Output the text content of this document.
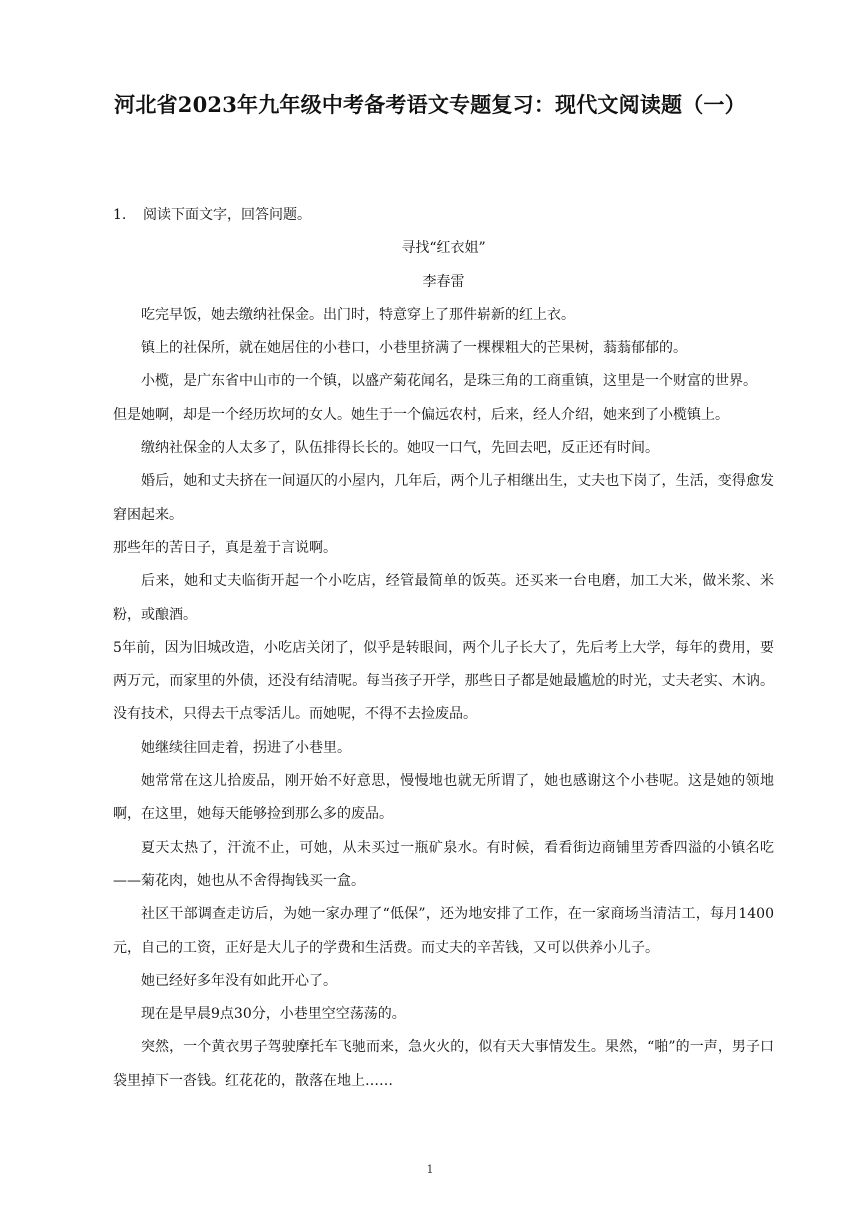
河北省2023年九年级中考备考语文专题复习：现代文阅读题（一）
1.	阅读下面文字，回答问题。
寻找“红衣姐”
李春雷

吃完早饭，她去缴纳社保金。出门时，特意穿上了那件崭新的红上衣。

镇上的社保所，就在她居住的小巷口，小巷里挤满了一棵棵粗大的芒果树，蓊蓊郁郁的。

小榄，是广东省中山市的一个镇，以盛产菊花闻名，是珠三角的工商重镇，这里是一个财富的世界。

但是她啊，却是一个经历坎坷的女人。她生于一个偏远农村，后来，经人介绍，她来到了小榄镇上。

缴纳社保金的人太多了，队伍排得长长的。她叹一口气，先回去吧，反正还有时间。

婚后，她和丈夫挤在一间逼仄的小屋内，几年后，两个儿子相继出生，丈夫也下岗了，生活，变得愈发窘困起来。

那些年的苦日子，真是羞于言说啊。

后来，她和丈夫临街开起一个小吃店，经管最简单的饭英。还买来一台电磨，加工大米，做米浆、米粉，或酿酒。

5年前，因为旧城改造，小吃店关闭了，似乎是转眼间，两个儿子长大了，先后考上大学，每年的费用，要两万元，而家里的外债，还没有结清呢。每当孩子开学，那些日子都是她最尴尬的时光，丈夫老实、木讷。没有技术，只得去干点零活儿。而她呢，不得不去捡废品。

她继续往回走着，拐进了小巷里。

她常常在这儿拾废品，刚开始不好意思，慢慢地也就无所谓了，她也感谢这个小巷呢。这是她的领地啊，在这里，她每天能够捡到那么多的废品。

夏天太热了，汗流不止，可她，从未买过一瓶矿泉水。有时候，看看街边商铺里芳香四溢的小镇名吃——菊花肉，她也从不舍得掏钱买一盒。

社区干部调查走访后，为她一家办理了“低保”，还为地安排了工作，在一家商场当清洁工，每月1400元，自己的工资，正好是大儿子的学费和生活费。而丈夫的辛苦钱，又可以供养小儿子。

她已经好多年没有如此开心了。

现在是早晨9点30分，小巷里空空荡荡的。

突然，一个黄衣男子驾驶摩托车飞驰而来，急火火的，似有天大事情发生。果然，“啪”的一声，男子口袋里掉下一沓钱。红花花的，散落在地上……

1
